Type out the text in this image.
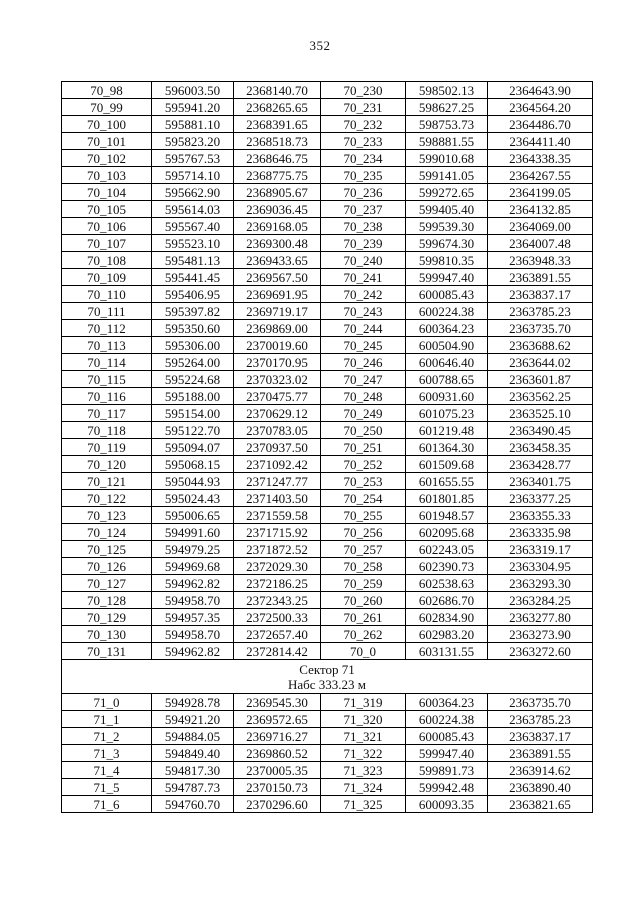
352
70_98	596003.50	2368140.70	70_230	598502.13	2364643.90
70_99	595941.20	2368265.65	70_231	598627.25	2364564.20
70_100	595881.10	2368391.65	70_232	598753.73	2364486.70
70_101	595823.20	2368518.73	70_233	598881.55	2364411.40
70_102	595767.53	2368646.75	70_234	599010.68	2364338.35
70_103	595714.10	2368775.75	70_235	599141.05	2364267.55
70_104	595662.90	2368905.67	70_236	599272.65	2364199.05
70_105	595614.03	2369036.45	70_237	599405.40	2364132.85
70_106	595567.40	2369168.05	70_238	599539.30	2364069.00
70_107	595523.10	2369300.48	70_239	599674.30	2364007.48
70_108	595481.13	2369433.65	70_240	599810.35	2363948.33
70_109	595441.45	2369567.50	70_241	599947.40	2363891.55
70_110	595406.95	2369691.95	70_242	600085.43	2363837.17
70_111	595397.82	2369719.17	70_243	600224.38	2363785.23
70_112	595350.60	2369869.00	70_244	600364.23	2363735.70
70_113	595306.00	2370019.60	70_245	600504.90	2363688.62
70_114	595264.00	2370170.95	70_246	600646.40	2363644.02
70_115	595224.68	2370323.02	70_247	600788.65	2363601.87
70_116	595188.00	2370475.77	70_248	600931.60	2363562.25
70_117	595154.00	2370629.12	70_249	601075.23	2363525.10
70_118	595122.70	2370783.05	70_250	601219.48	2363490.45
70_119	595094.07	2370937.50	70_251	601364.30	2363458.35
70_120	595068.15	2371092.42	70_252	601509.68	2363428.77
70_121	595044.93	2371247.77	70_253	601655.55	2363401.75
70_122	595024.43	2371403.50	70_254	601801.85	2363377.25
70_123	595006.65	2371559.58	70_255	601948.57	2363355.33
70_124	594991.60	2371715.92	70_256	602095.68	2363335.98
70_125	594979.25	2371872.52	70_257	602243.05	2363319.17
70_126	594969.68	2372029.30	70_258	602390.73	2363304.95
70_127	594962.82	2372186.25	70_259	602538.63	2363293.30
70_128	594958.70	2372343.25	70_260	602686.70	2363284.25
70_129	594957.35	2372500.33	70_261	602834.90	2363277.80
70_130	594958.70	2372657.40	70_262	602983.20	2363273.90
70_131	594962.82	2372814.42	70_0	603131.55	2363272.60

Сектор 71
Набс 333.23 м					

71_0	594928.78	2369545.30	71_319	600364.23	2363735.70
71_1	594921.20	2369572.65	71_320	600224.38	2363785.23
71_2	594884.05	2369716.27	71_321	600085.43	2363837.17
71_3	594849.40	2369860.52	71_322	599947.40	2363891.55
71_4	594817.30	2370005.35	71_323	599891.73	2363914.62
71_5	594787.73	2370150.73	71_324	599942.48	2363890.40
71_6	594760.70	2370296.60	71_325	600093.35	2363821.65
